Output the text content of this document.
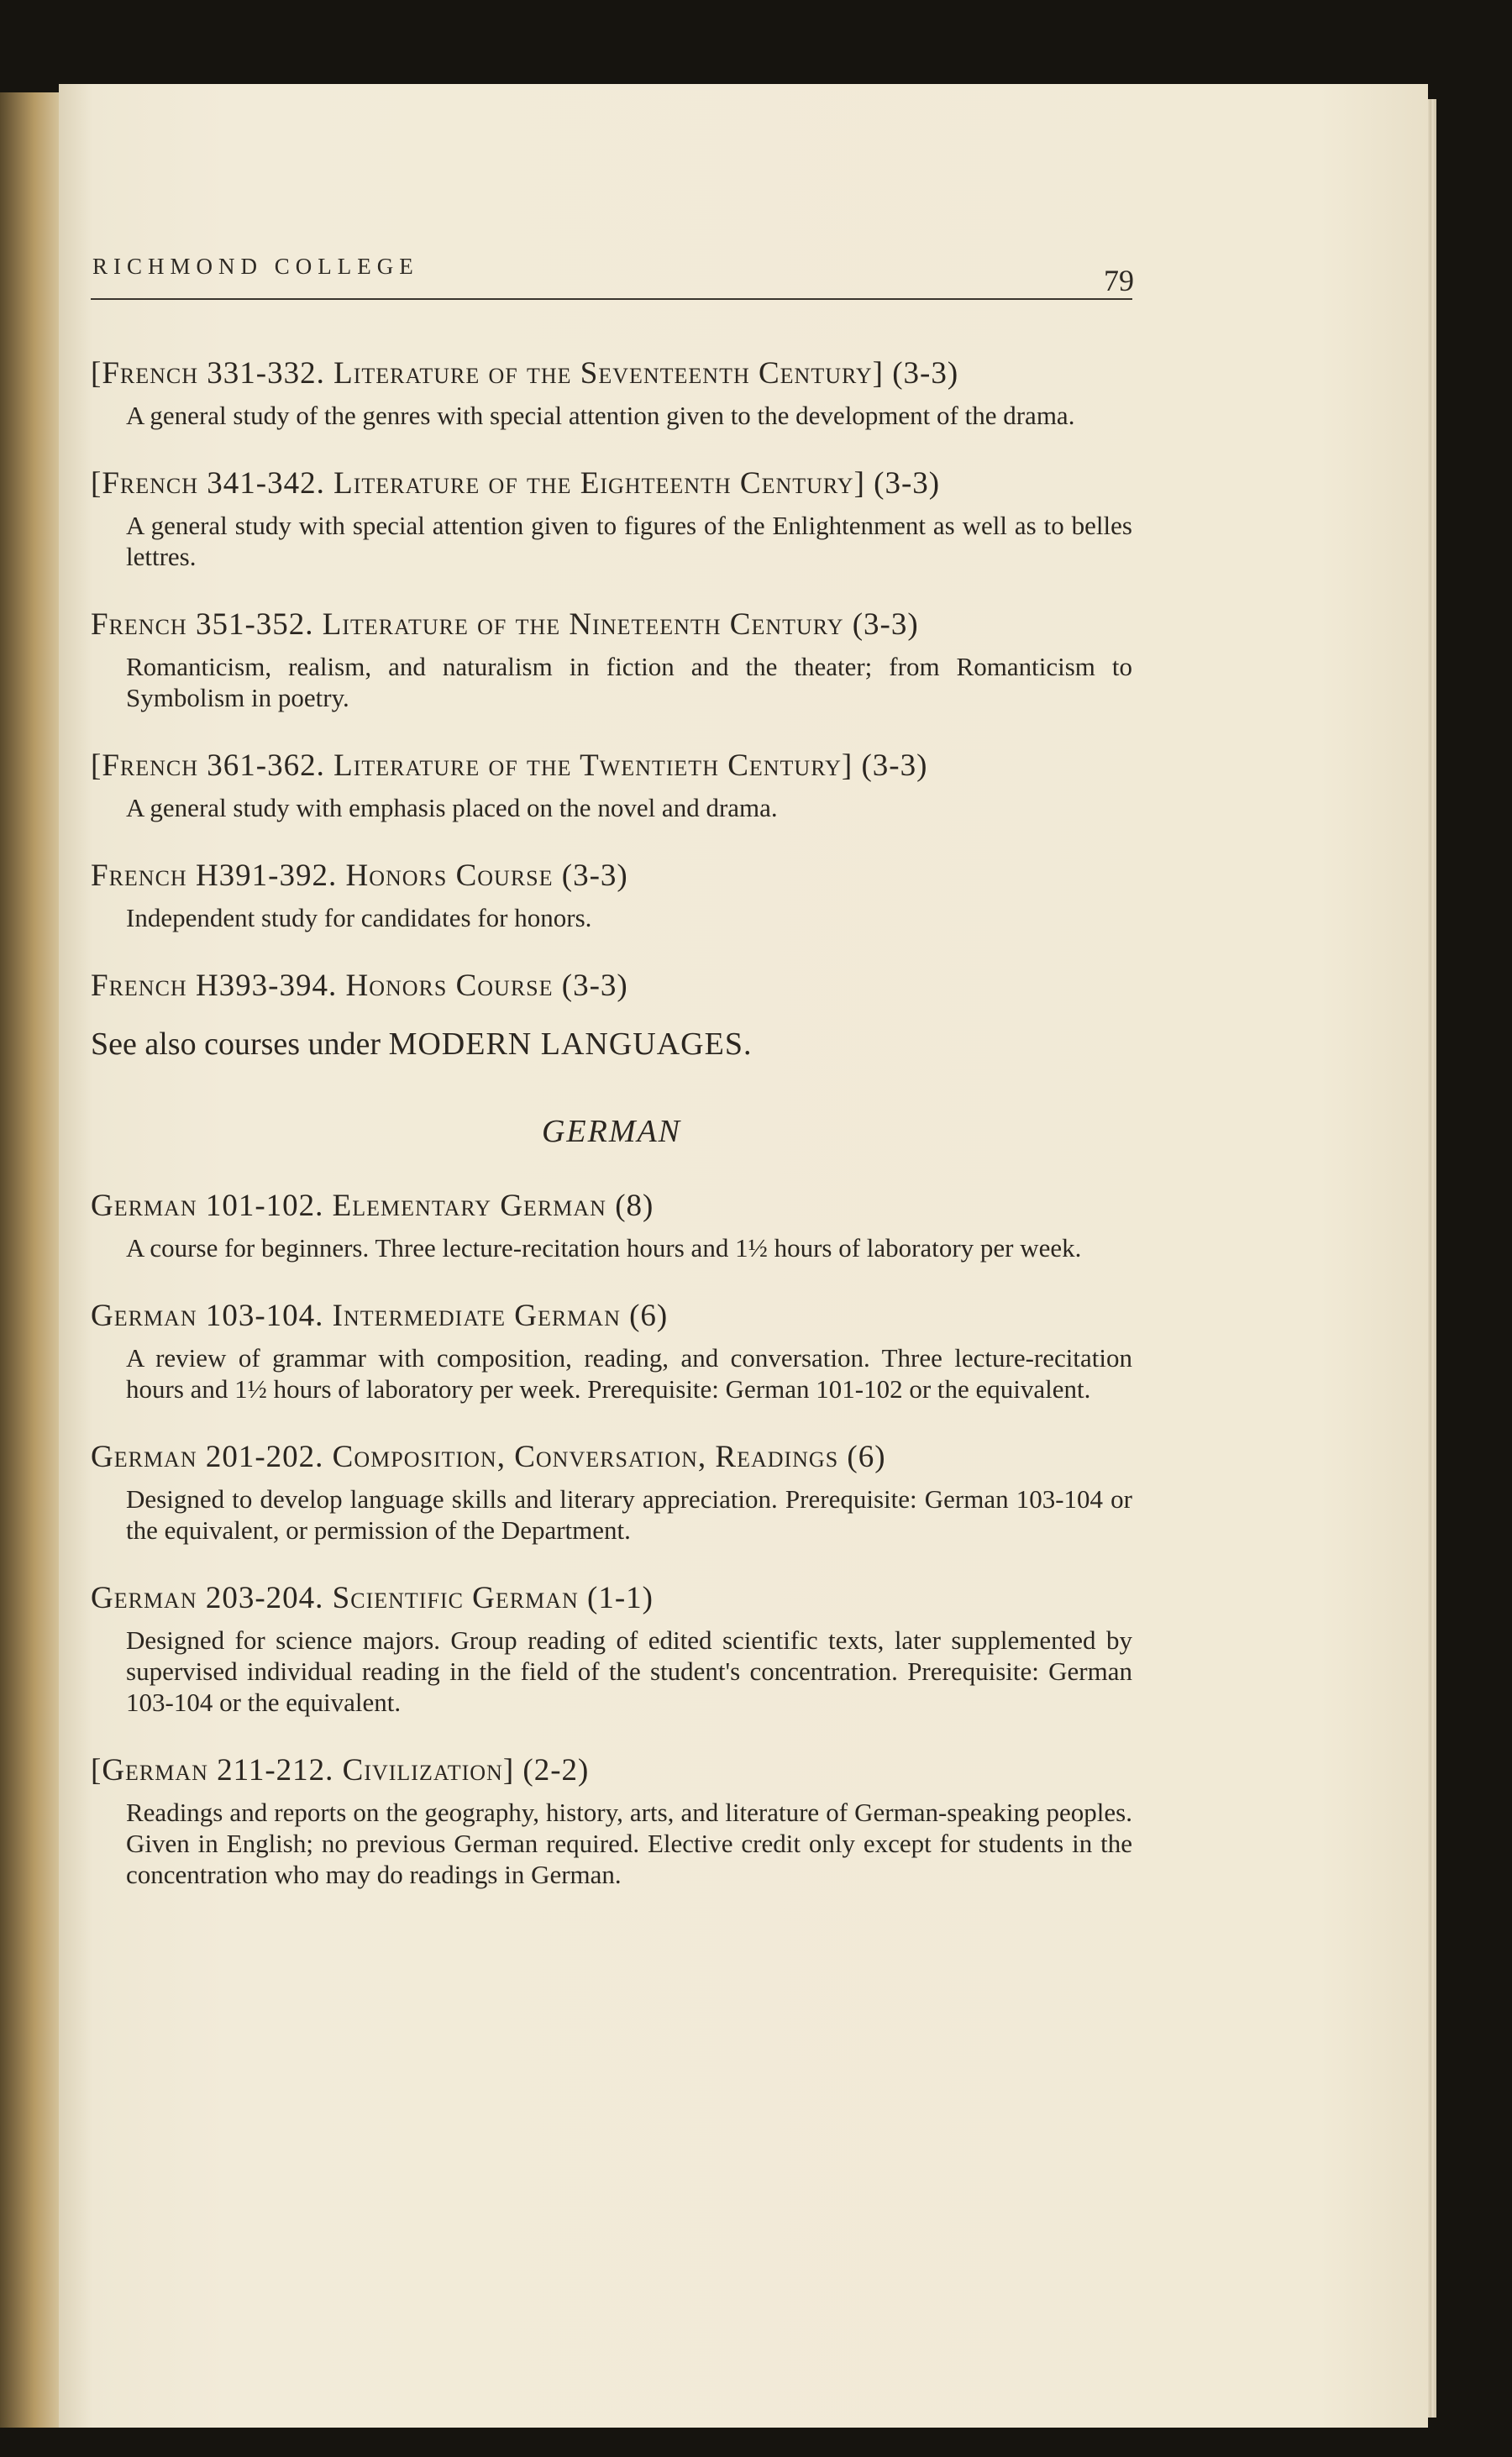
RICHMOND COLLEGE	79

[French 331-332. Literature of the Seventeenth Century] (3-3)

A general study of the genres with special attention given to the development of the drama.

[French 341-342. Literature of the Eighteenth Century] (3-3)

A general study with special attention given to figures of the Enlightenment as well as to belles lettres.

French 351-352. Literature of the Nineteenth Century (3-3)

Romanticism, realism, and naturalism in fiction and the theater; from Romanticism to Symbolism in poetry.

[French 361-362. Literature of the Twentieth Century] (3-3)

A general study with emphasis placed on the novel and drama.

French H391-392. Honors Course (3-3)

Independent study for candidates for honors.

French H393-394. Honors Course (3-3)

See also courses under MODERN LANGUAGES.

GERMAN

German 101-102. Elementary German (8)

A course for beginners. Three lecture-recitation hours and 1½ hours of laboratory per week.

German 103-104. Intermediate German (6)

A review of grammar with composition, reading, and conversation. Three lecture-recitation hours and 1½ hours of laboratory per week. Prerequisite: German 101-102 or the equivalent.

German 201-202. Composition, Conversation, Readings (6)

Designed to develop language skills and literary appreciation. Prerequisite: German 103-104 or the equivalent, or permission of the Department.

German 203-204. Scientific German (1-1)

Designed for science majors. Group reading of edited scientific texts, later supplemented by supervised individual reading in the field of the student's concentration. Prerequisite: German 103-104 or the equivalent.

[German 211-212. Civilization] (2-2)

Readings and reports on the geography, history, arts, and literature of German-speaking peoples. Given in English; no previous German required. Elective credit only except for students in the concentration who may do readings in German.
